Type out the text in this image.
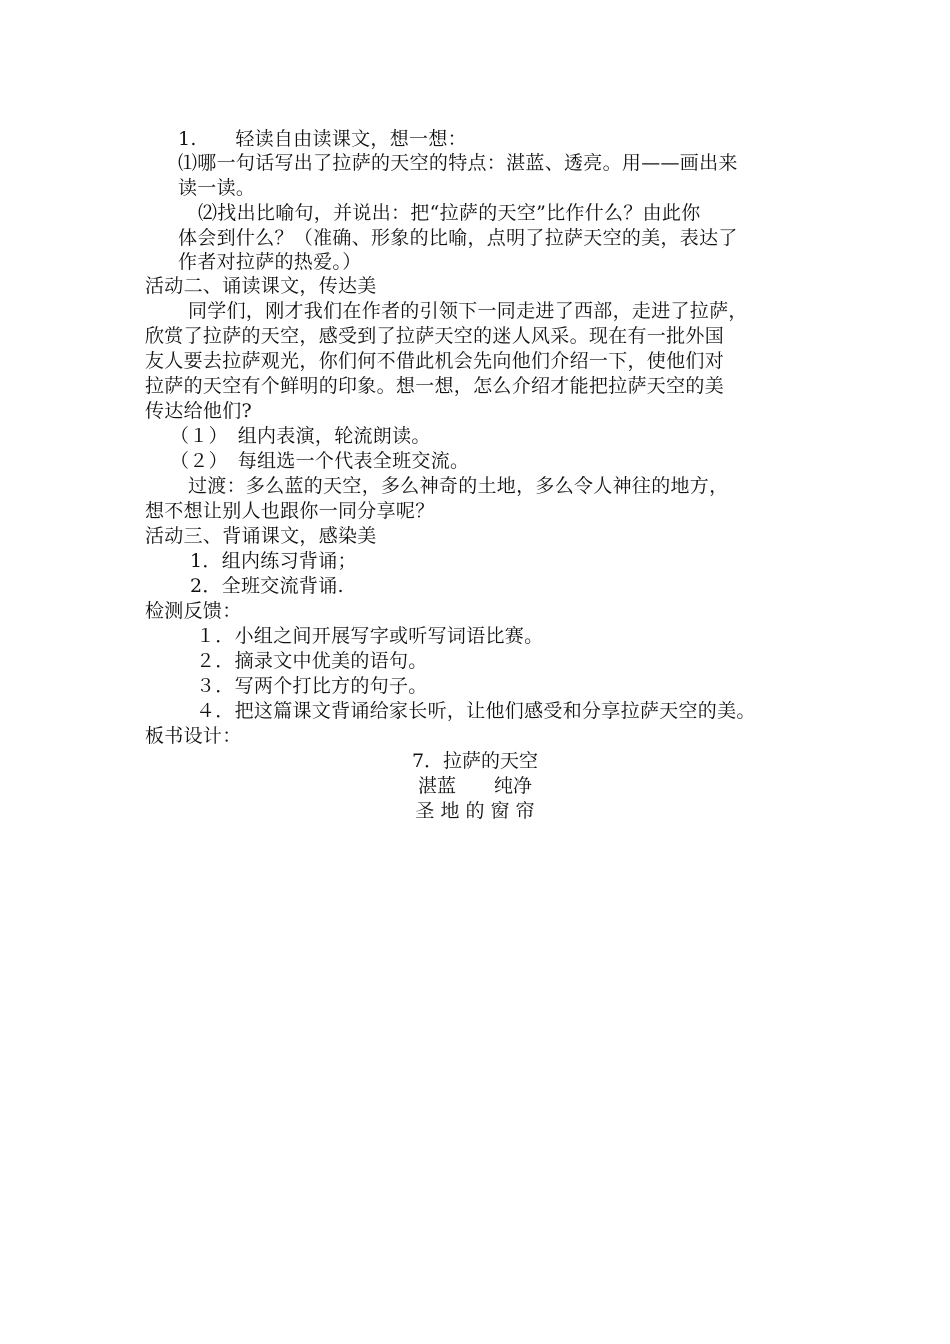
1.　　轻读自由读课文，想一想：
⑴哪一句话写出了拉萨的天空的特点：湛蓝、透亮。用——画出来
读一读。
⑵找出比喻句，并说出：把“拉萨的天空”比作什么？由此你
体会到什么？（准确、形象的比喻，点明了拉萨天空的美，表达了
作者对拉萨的热爱。）
活动二、诵读课文，传达美
同学们，刚才我们在作者的引领下一同走进了西部，走进了拉萨，
欣赏了拉萨的天空，感受到了拉萨天空的迷人风采。现在有一批外国
友人要去拉萨观光，你们何不借此机会先向他们介绍一下，使他们对
拉萨的天空有个鲜明的印象。想一想，怎么介绍才能把拉萨天空的美
传达给他们?
（１）　组内表演，轮流朗读。
（２）　每组选一个代表全班交流。
过渡：多么蓝的天空，多么神奇的土地，多么令人神往的地方，
想不想让别人也跟你一同分享呢？
活动三、背诵课文，感染美
1．组内练习背诵；
2．全班交流背诵.
检测反馈：
１．小组之间开展写字或听写词语比赛。
２．摘录文中优美的语句。
３．写两个打比方的句子。
４．把这篇课文背诵给家长听，让他们感受和分享拉萨天空的美。
板书设计：
7．拉萨的天空
湛蓝　　纯净
圣 地 的 窗 帘
